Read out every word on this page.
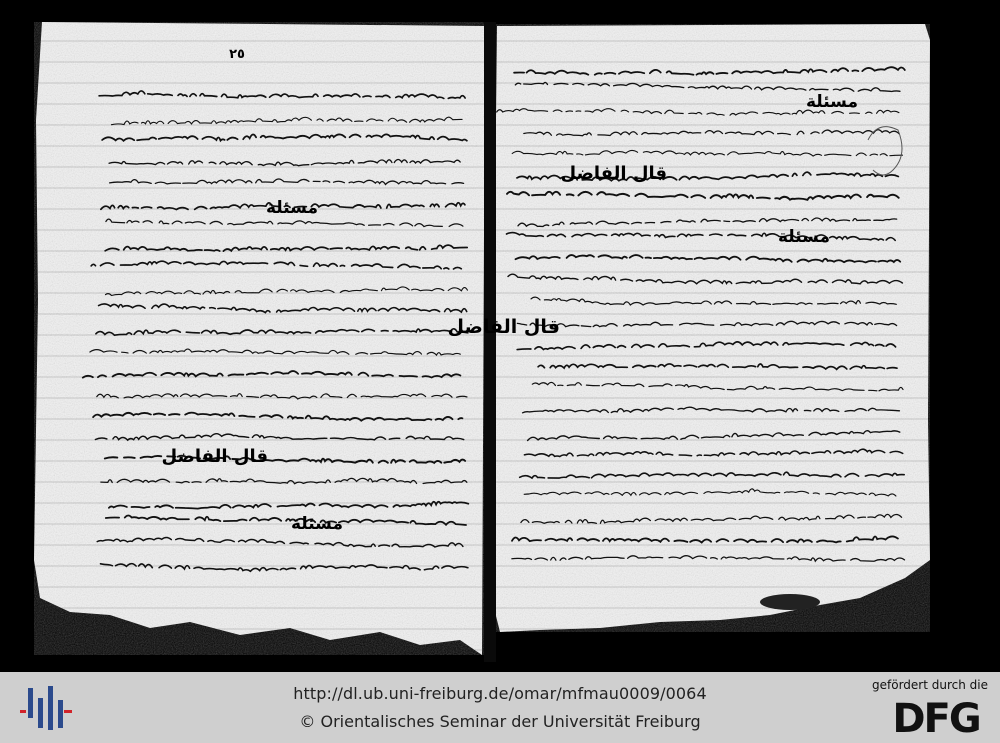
٢٥
مسئلة
مسئلة
قال الفاضل
مسئلة
قال الفاضل
مسئلة
قال الفاضل
http://dl.ub.uni-freiburg.de/omar/mfmau0009/0064
© Orientalisches Seminar der Universität Freiburg
gefördert durch die
DFG
